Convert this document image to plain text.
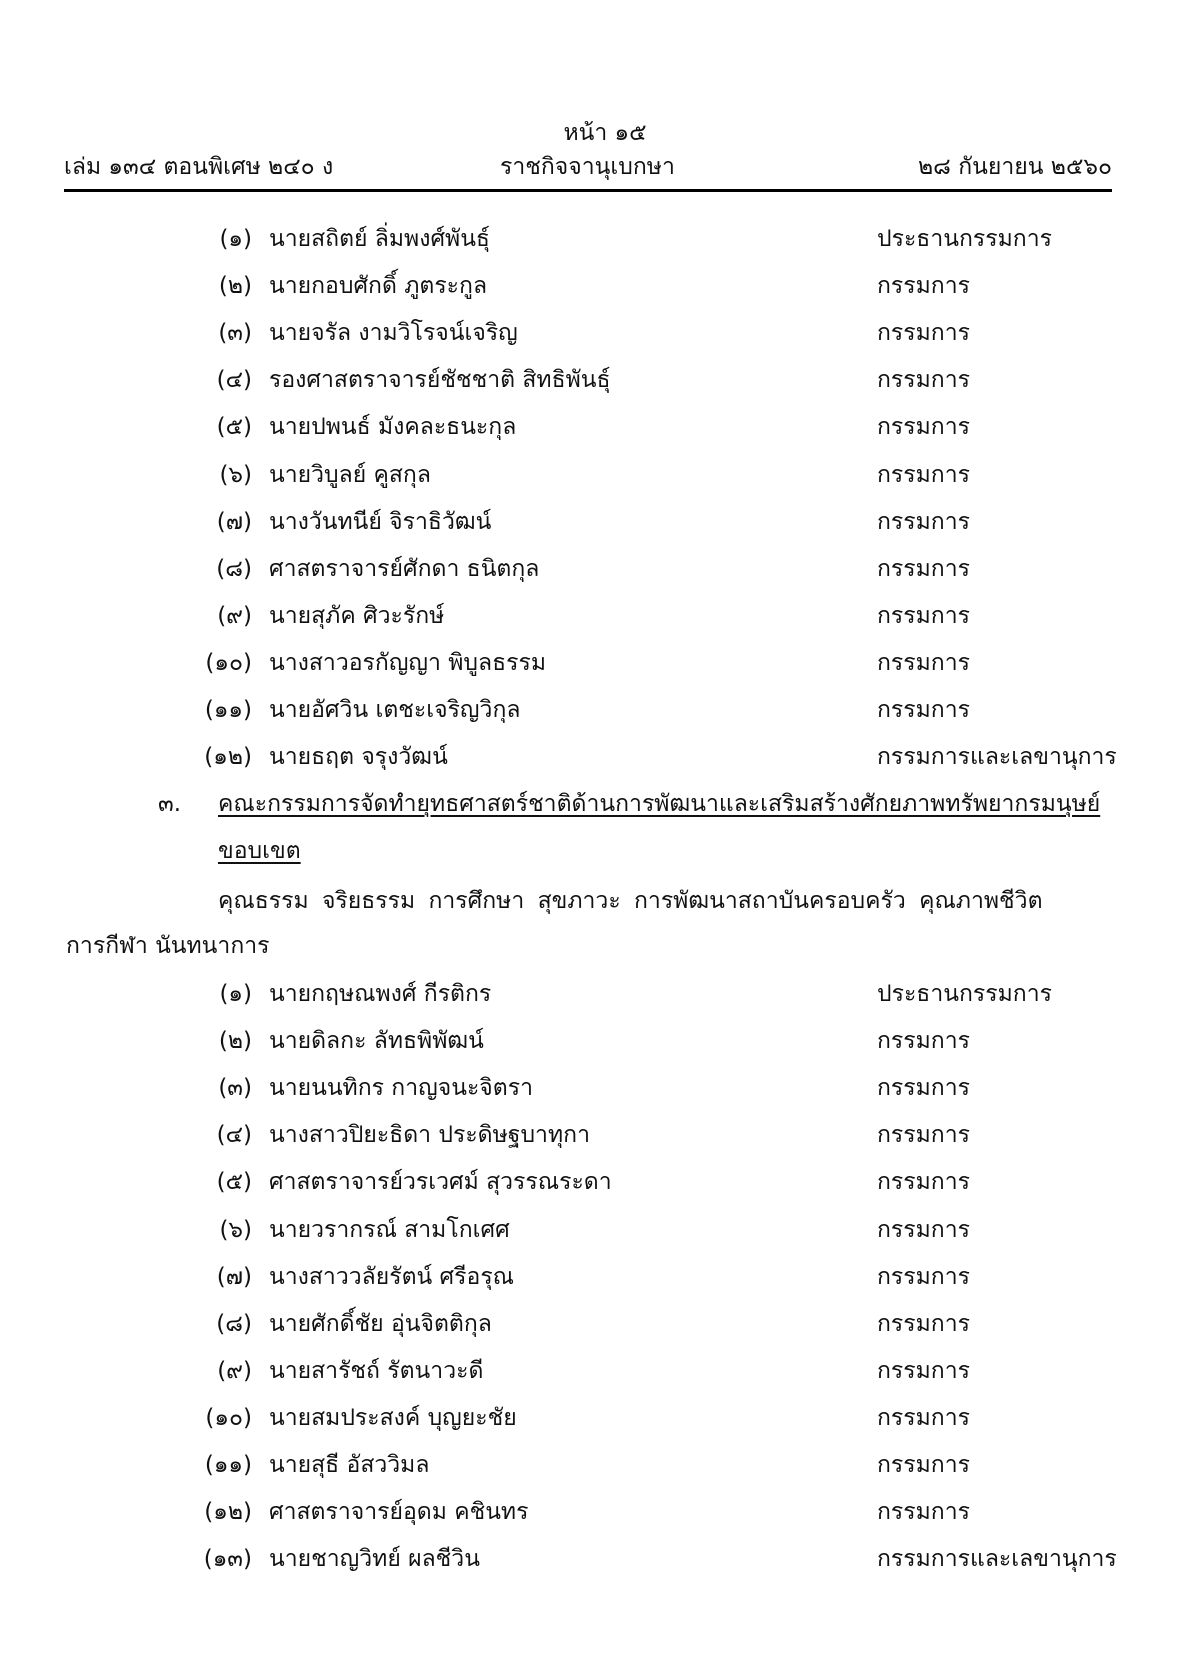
หน้า ๑๕
เล่ม ๑๓๔ ตอนพิเศษ ๒๔๐ ง	ราชกิจจานุเบกษา	๒๘ กันยายน ๒๕๖๐
(๑) นายสถิตย์ ลิ่มพงศ์พันธุ์	ประธานกรรมการ
(๒) นายกอบศักดิ์ ภูตระกูล	กรรมการ
(๓) นายจรัล งามวิโรจน์เจริญ	กรรมการ
(๔) รองศาสตราจารย์ชัชชาติ สิทธิพันธุ์	กรรมการ
(๕) นายปพนธ์ มังคละธนะกุล	กรรมการ
(๖) นายวิบูลย์ คูสกุล	กรรมการ
(๗) นางวันทนีย์ จิราธิวัฒน์	กรรมการ
(๘) ศาสตราจารย์ศักดา ธนิตกุล	กรรมการ
(๙) นายสุภัค ศิวะรักษ์	กรรมการ
(๑๐) นางสาวอรกัญญา พิบูลธรรม	กรรมการ
(๑๑) นายอัศวิน เตชะเจริญวิกุล	กรรมการ
(๑๒) นายธฤต จรุงวัฒน์	กรรมการและเลขานุการ
๓. คณะกรรมการจัดทำยุทธศาสตร์ชาติด้านการพัฒนาและเสริมสร้างศักยภาพทรัพยากรมนุษย์
ขอบเขต
คุณธรรม จริยธรรม การศึกษา สุขภาวะ การพัฒนาสถาบันครอบครัว คุณภาพชีวิต
การกีฬา นันทนาการ
(๑) นายกฤษณพงศ์ กีรติกร	ประธานกรรมการ
(๒) นายดิลกะ ลัทธพิพัฒน์	กรรมการ
(๓) นายนนทิกร กาญจนะจิตรา	กรรมการ
(๔) นางสาวปิยะธิดา ประดิษฐบาทุกา	กรรมการ
(๕) ศาสตราจารย์วรเวศม์ สุวรรณระดา	กรรมการ
(๖) นายวรากรณ์ สามโกเศศ	กรรมการ
(๗) นางสาววลัยรัตน์ ศรีอรุณ	กรรมการ
(๘) นายศักดิ์ชัย อุ่นจิตติกุล	กรรมการ
(๙) นายสารัชถ์ รัตนาวะดี	กรรมการ
(๑๐) นายสมประสงค์ บุญยะชัย	กรรมการ
(๑๑) นายสุธี อัสววิมล	กรรมการ
(๑๒) ศาสตราจารย์อุดม คชินทร	กรรมการ
(๑๓) นายชาญวิทย์ ผลชีวิน	กรรมการและเลขานุการ
